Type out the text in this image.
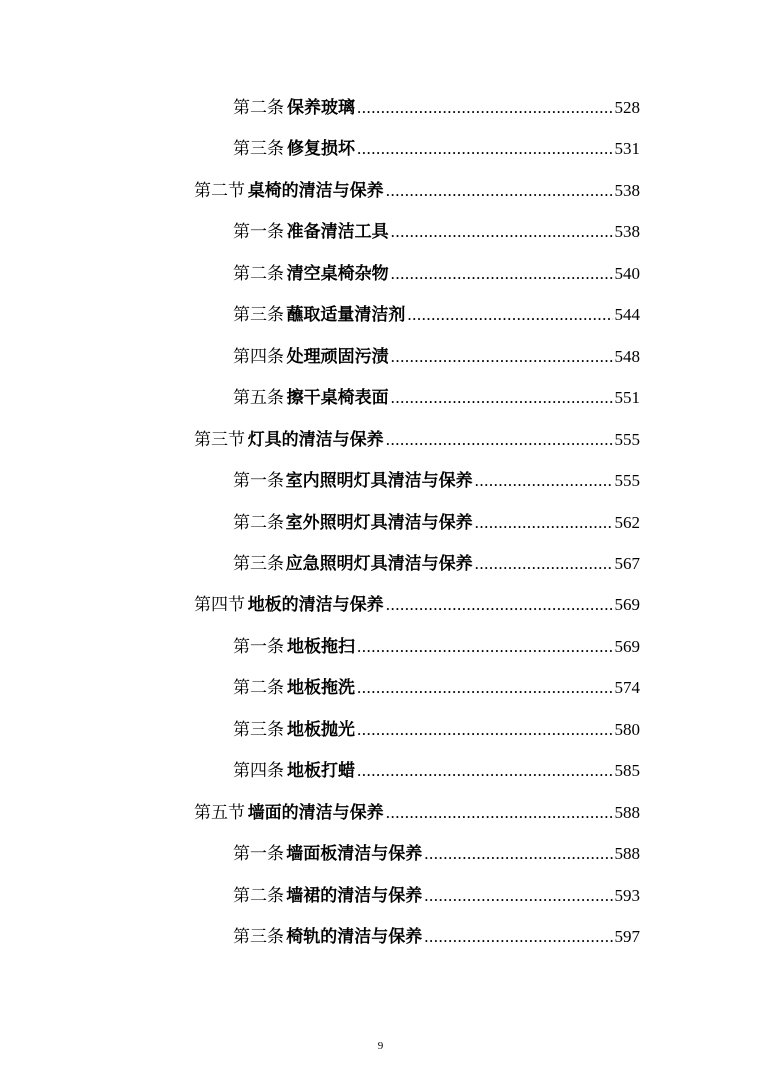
第二条 保养玻璃 .....	528
第三条 修复损坏 .....	531
第二节 桌椅的清洁与保养 .....	538
第一条 准备清洁工具 .....	538
第二条 清空桌椅杂物 .....	540
第三条 蘸取适量清洁剂 .....	544
第四条 处理顽固污渍 .....	548
第五条 擦干桌椅表面 .....	551
第三节 灯具的清洁与保养 .....	555
第一条 室内照明灯具清洁与保养 .....	555
第二条 室外照明灯具清洁与保养 .....	562
第三条 应急照明灯具清洁与保养 .....	567
第四节 地板的清洁与保养 .....	569
第一条 地板拖扫 .....	569
第二条 地板拖洗 .....	574
第三条 地板抛光 .....	580
第四条 地板打蜡 .....	585
第五节 墙面的清洁与保养 .....	588
第一条 墙面板清洁与保养 .....	588
第二条 墙裙的清洁与保养 .....	593
第三条 椅轨的清洁与保养 .....	597
9
